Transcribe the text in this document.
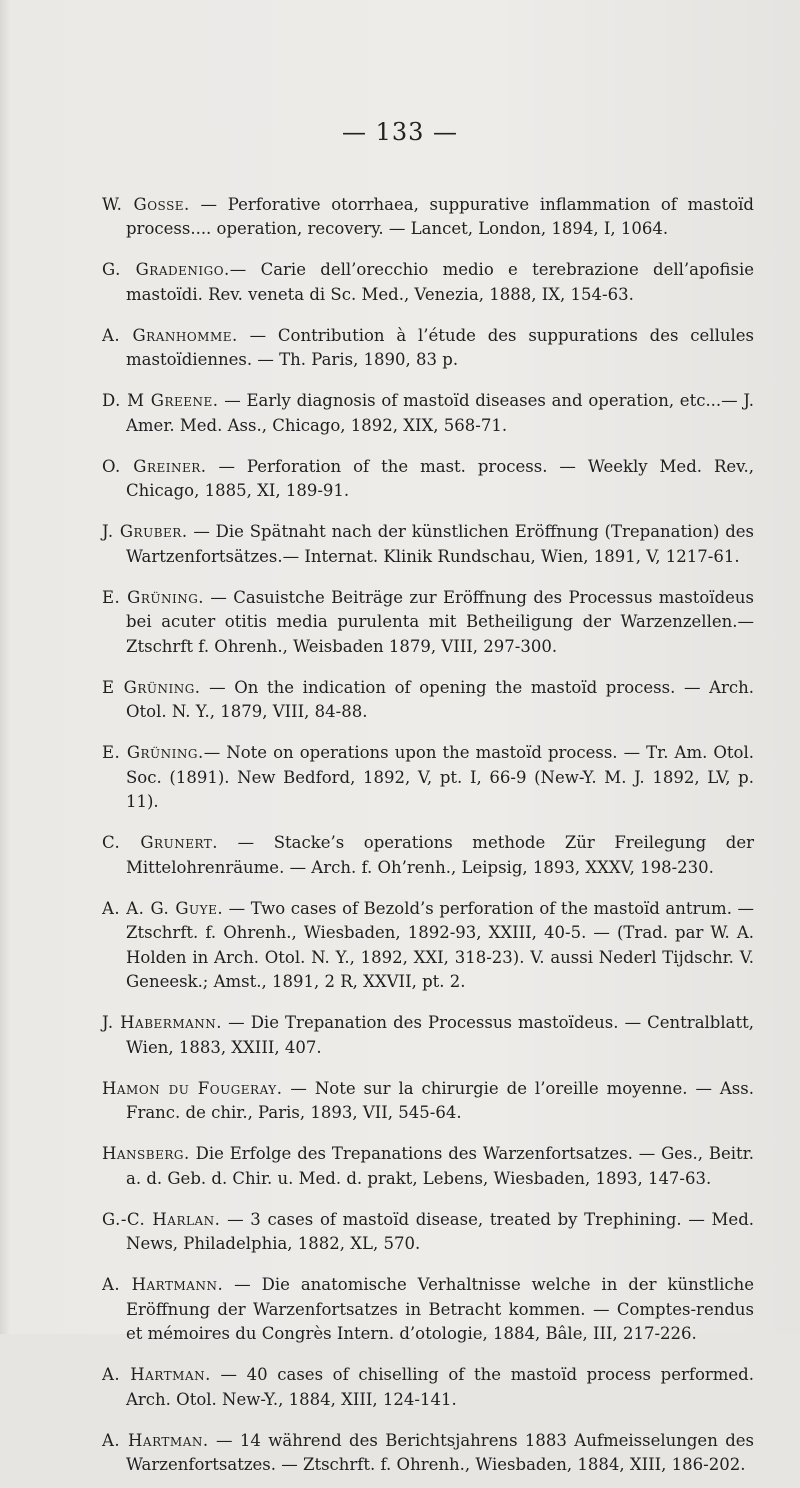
— 133 —

W. Gosse. — Perforative otorrhaea, suppurative inflammation of mastoïd process.... operation, recovery. — Lancet, London, 1894, I, 1064.

G. Gradenigo.— Carie dell’orecchio medio e terebrazione dell’apofisie mastoïdi. Rev. veneta di Sc. Med., Venezia, 1888, IX, 154-63.

A. Granhomme. — Contribution à l’étude des suppurations des cellules mastoïdiennes. — Th. Paris, 1890, 83 p.

D. M Greene. — Early diagnosis of mastoïd diseases and operation, etc...— J. Amer. Med. Ass., Chicago, 1892, XIX, 568-71.

O. Greiner. — Perforation of the mast. process. — Weekly Med. Rev., Chicago, 1885, XI, 189-91.

J. Gruber. — Die Spätnaht nach der künstlichen Eröffnung (Trepanation) des Wartzenfortsätzes.— Internat. Klinik Rundschau, Wien, 1891, V, 1217-61.

E. Grüning. — Casuistche Beiträge zur Eröffnung des Processus mastoïdeus bei acuter otitis media purulenta mit Betheiligung der Warzenzellen.— Ztschrft f. Ohrenh., Weisbaden 1879, VIII, 297-300.

E Grüning. — On the indication of opening the mastoïd process. — Arch. Otol. N. Y., 1879, VIII, 84-88.

E. Grüning.— Note on operations upon the mastoïd process. — Tr. Am. Otol. Soc. (1891). New Bedford, 1892, V, pt. I, 66-9 (New-Y. M. J. 1892, LV, p. 11).

C. Grunert. — Stacke’s operations methode Zür Freilegung der Mittelohrenräume. — Arch. f. Oh’renh., Leipsig, 1893, XXXV, 198-230.

A. A. G. Guye. — Two cases of Bezold’s perforation of the mastoïd antrum. — Ztschrft. f. Ohrenh., Wiesbaden, 1892-93, XXIII, 40-5. — (Trad. par W. A. Holden in Arch. Otol. N. Y., 1892, XXI, 318-23). V. aussi Nederl Tijdschr. V. Geneesk.; Amst., 1891, 2 R, XXVII, pt. 2.

J. Habermann. — Die Trepanation des Processus mastoïdeus. — Centralblatt, Wien, 1883, XXIII, 407.

Hamon du Fougeray. — Note sur la chirurgie de l’oreille moyenne. — Ass. Franc. de chir., Paris, 1893, VII, 545-64.

Hansberg. Die Erfolge des Trepanations des Warzenfortsatzes. — Ges., Beitr. a. d. Geb. d. Chir. u. Med. d. prakt, Lebens, Wiesbaden, 1893, 147-63.

G.-C. Harlan. — 3 cases of mastoïd disease, treated by Trephining. — Med. News, Philadelphia, 1882, XL, 570.

A. Hartmann. — Die anatomische Verhaltnisse welche in der künstliche Eröffnung der Warzenfortsatzes in Betracht kommen. — Comptes-rendus et mémoires du Congrès Intern. d’otologie, 1884, Bâle, III, 217-226.

A. Hartman. — 40 cases of chiselling of the mastoïd process performed. Arch. Otol. New-Y., 1884, XIII, 124-141.

A. Hartman. — 14 während des Berichtsjahrens 1883 Aufmeisselungen des Warzenfortsatzes. — Ztschrft. f. Ohrenh., Wiesbaden, 1884, XIII, 186-202.
